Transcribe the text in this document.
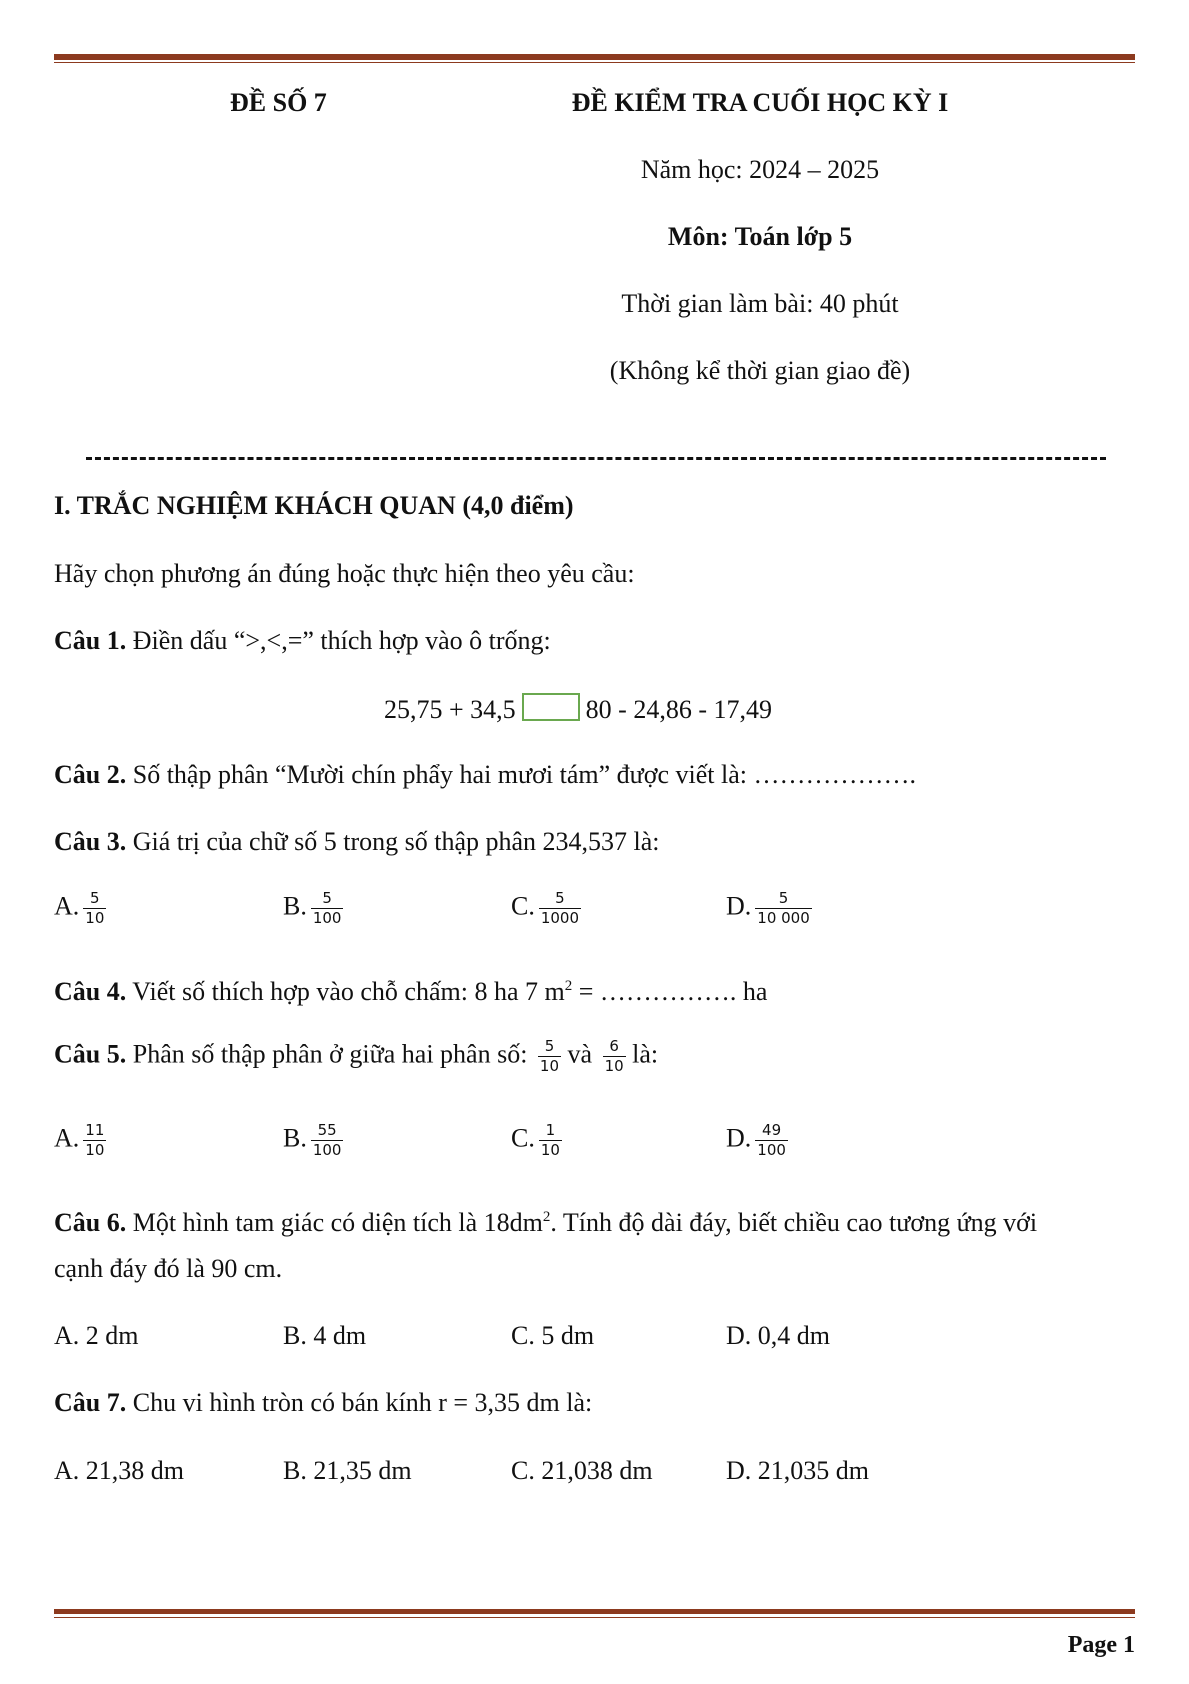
ĐỀ SỐ 7	ĐỀ KIỂM TRA CUỐI HỌC KỲ I
Năm học: 2024 – 2025
Môn: Toán lớp 5
Thời gian làm bài: 40 phút
(Không kể thời gian giao đề)
I. TRẮC NGHIỆM KHÁCH QUAN (4,0 điểm)
Hãy chọn phương án đúng hoặc thực hiện theo yêu cầu:
Câu 1. Điền dấu “>,<,=” thích hợp vào ô trống:
25,75 + 34,5	80 - 24,86 - 17,49
Câu 2. Số thập phân “Mười chín phẩy hai mươi tám” được viết là: ……………….
Câu 3. Giá trị của chữ số 5 trong số thập phân 234,537 là:
A. $\frac{5}{10}$	B. $\frac{5}{100}$	C. $\frac{5}{1000}$	D. $\frac{5}{10 000}$
Câu 4. Viết số thích hợp vào chỗ chấm: 8 ha 7 $m^2$ = ……………. ha
Câu 5. Phân số thập phân ở giữa hai phân số: $\frac{5}{10}$ và $\frac{6}{10}$ là:
A. $\frac{11}{10}$	B. $\frac{55}{100}$	C. $\frac{1}{10}$	D. $\frac{49}{100}$
Câu 6. Một hình tam giác có diện tích là $18dm^2$. Tính độ dài đáy, biết chiều cao tương ứng với
cạnh đáy đó là 90 cm.
A. 2 dm	B. 4 dm	C. 5 dm	D. 0,4 dm
Câu 7. Chu vi hình tròn có bán kính r = 3,35 dm là:
A. 21,38 dm	B. 21,35 dm	C. 21,038 dm	D. 21,035 dm
Page 1
